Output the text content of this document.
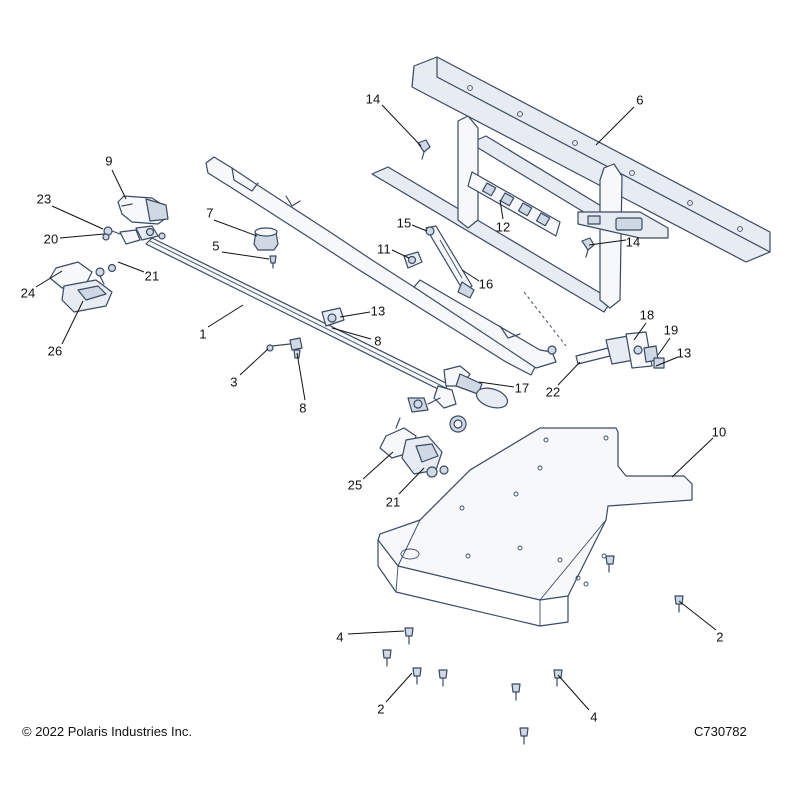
9
23
20
21
24
26
7
5
14	6
12
15
11
16
14
1
13
8
3
8
17 22
18
19
13
25
21
10
2
4
2
4
© 2022 Polaris Industries Inc.	C730782
